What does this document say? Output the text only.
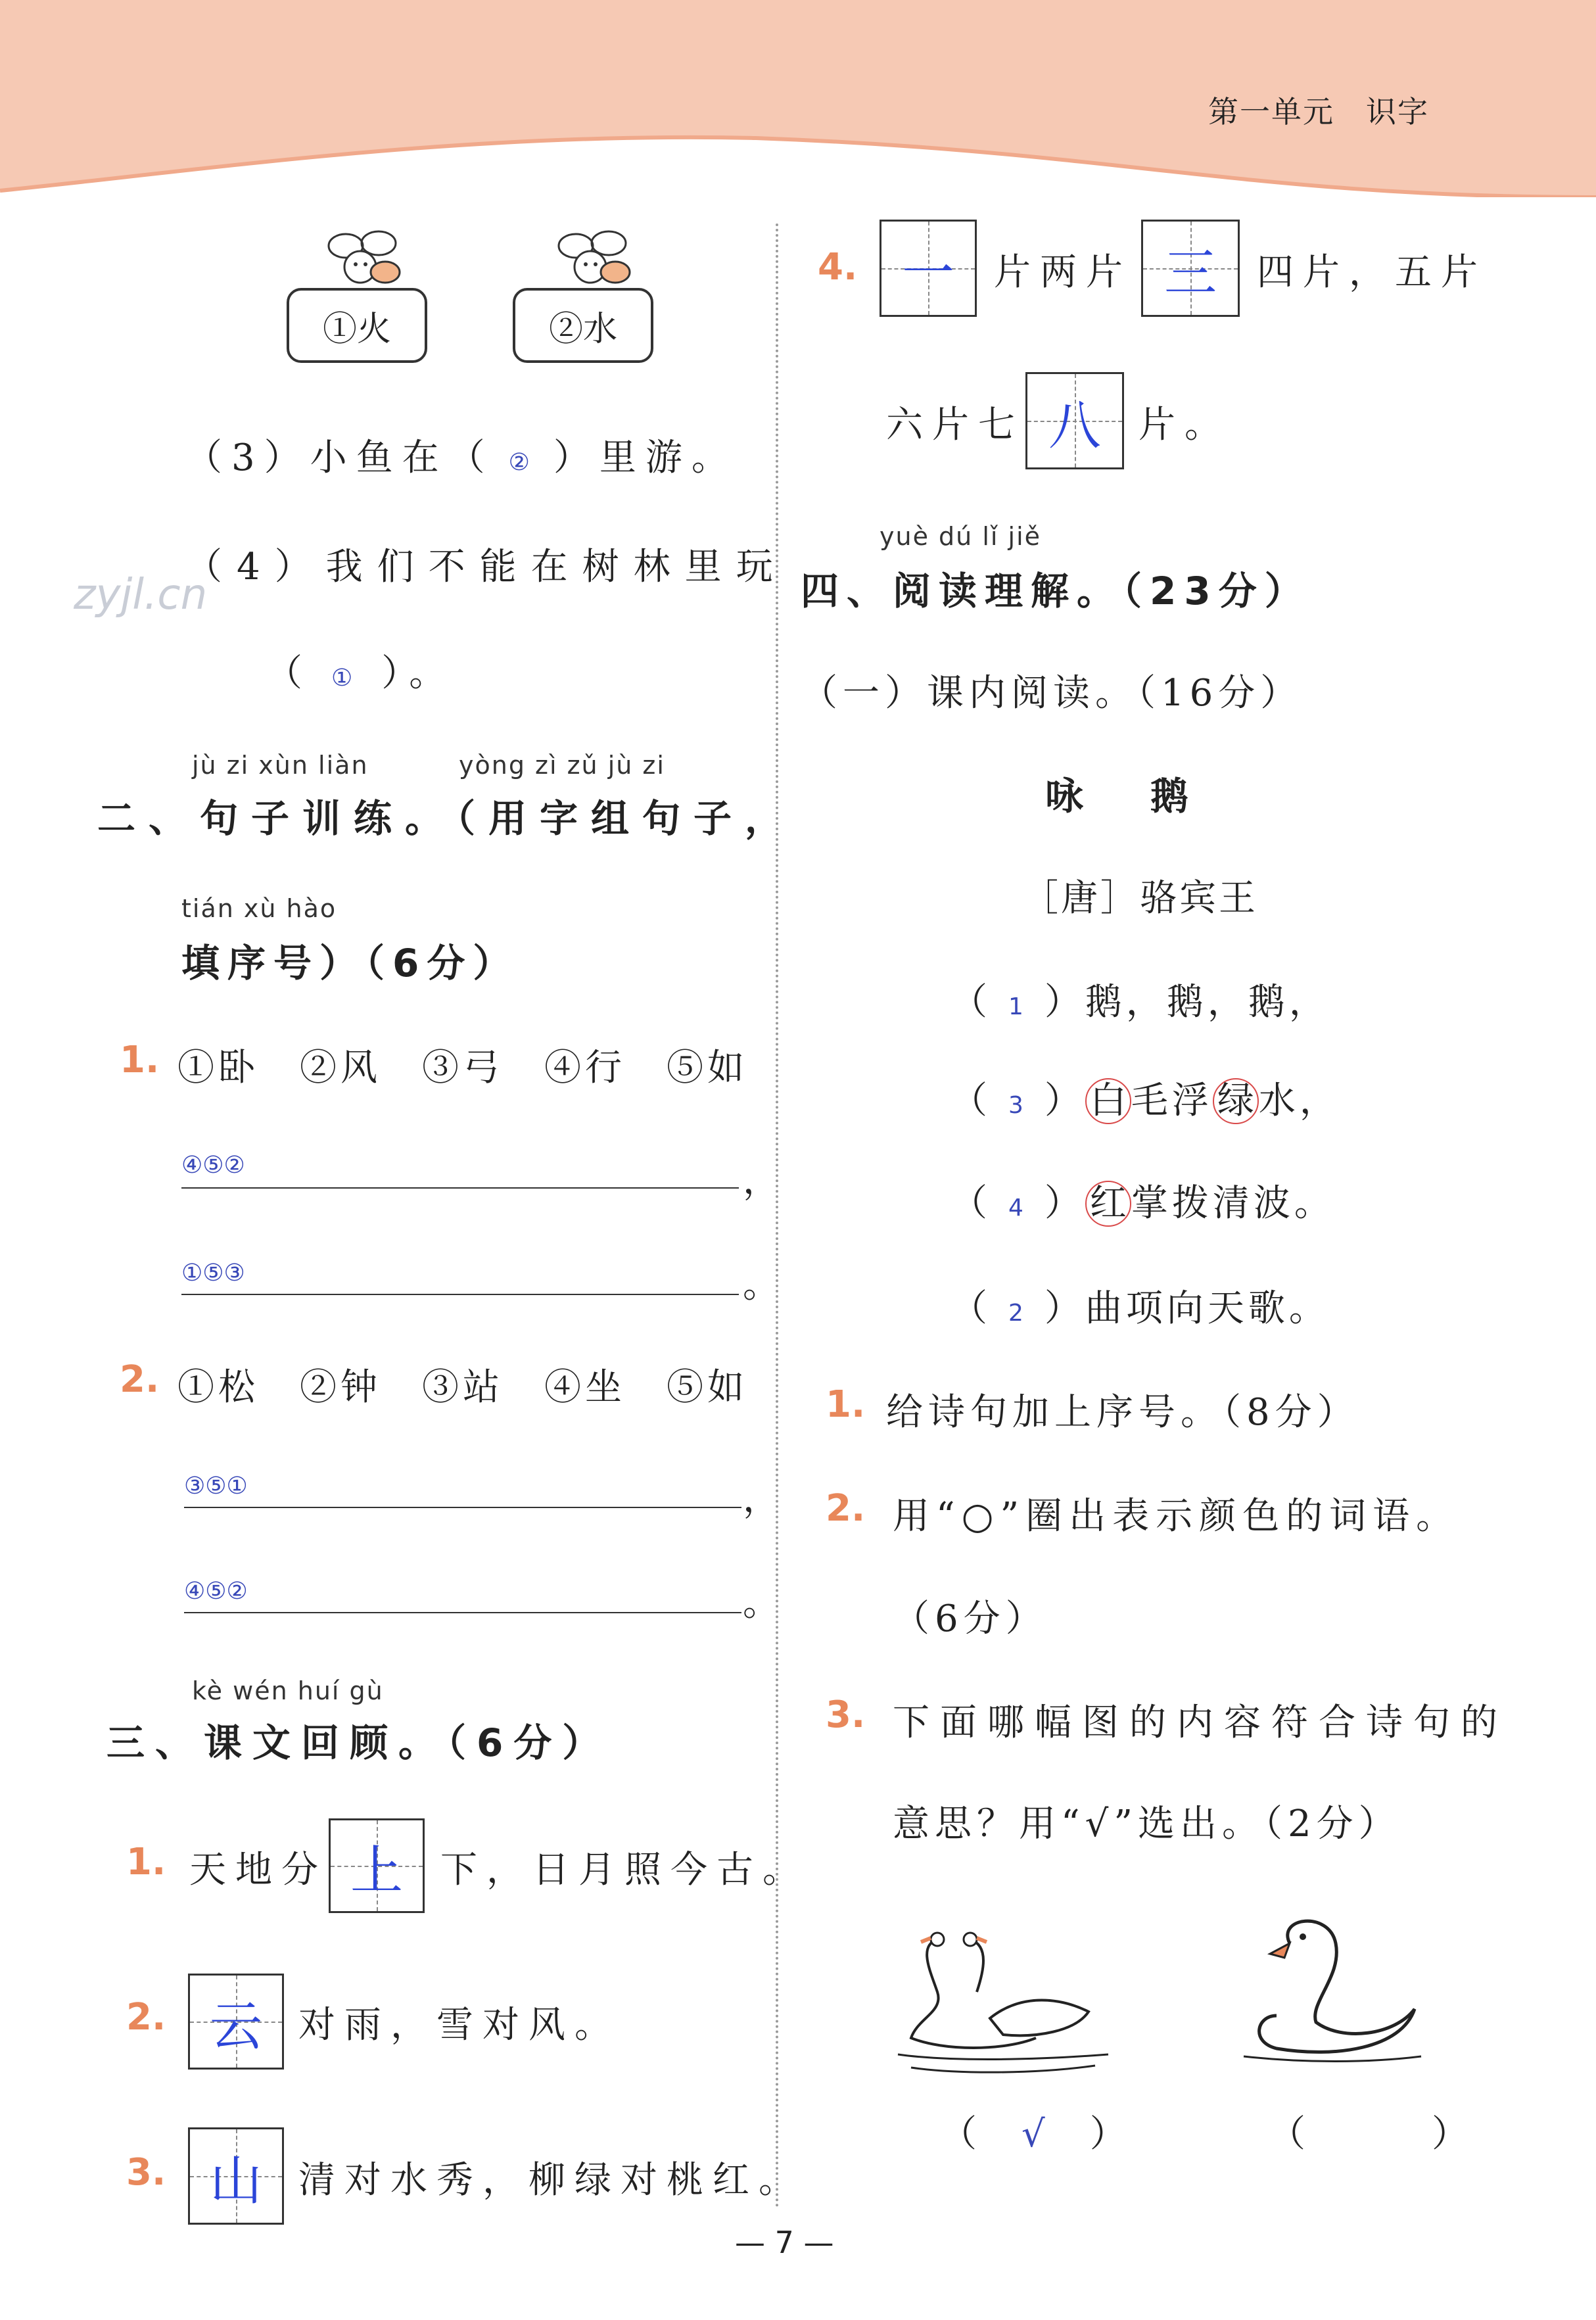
第一单元　识字
zyjl.cn
①火	②水
（3）小鱼在（ ② ）里游。
（4）我们不能在树林里玩
（ ① ）。
jù zi xùn liàn	yòng zì zǔ jù zi
二、句子训练。（用字组句子，
tián xù hào
填序号）（6分）
1. ①卧　②风　③弓　④行　⑤如
④⑤②	，
①⑤③	。
2. ①松　②钟　③站　④坐　⑤如
③⑤①	，
④⑤②	。
kè wén huí gù
三、课文回顾。（6分）
1. 天地分 上 下，日月照今古。
2. 云 对雨，雪对风。
3. 山 清对水秀，柳绿对桃红。
4. 一 片两片 三 四片，五片
六片七 八 片。
yuè dú lǐ jiě
四、阅读理解。（23分）
（一）课内阅读。（16分）
咏　鹅
［唐］骆宾王
（ 1 ）鹅，鹅，鹅，
（ 3 ） 白 毛浮 绿 水，
（ 4 ） 红 掌拨清波。
（ 2 ）曲项向天歌。
1. 给诗句加上序号。（8分）
2. 用“○”圈出表示颜色的词语。
（6分）
3. 下面哪幅图的内容符合诗句的
意思？用“√”选出。（2分）
（　√　）	（　　　）
— 7 —
